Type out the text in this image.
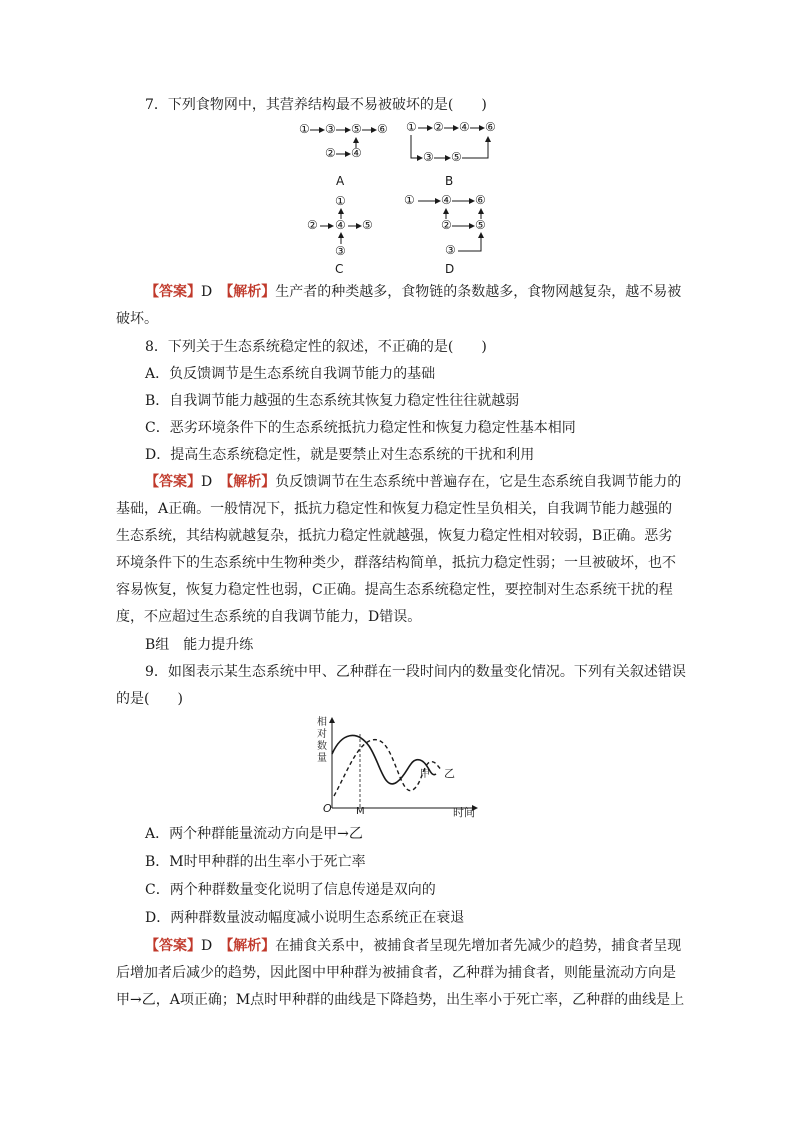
7．下列食物网中，其营养结构最不易被破坏的是(　　)
① ③ ⑤ ⑥
② ④
A
① ② ④ ⑥
③ ⑤
B
①
② ④ ⑤
③
C
① ④ ⑥
② ⑤
③
D
【答案】D　 【解析】生产者的种类越多，食物链的条数越多，食物网越复杂，越不易被
破坏。
8．下列关于生态系统稳定性的叙述，不正确的是(　　)
A．负反馈调节是生态系统自我调节能力的基础
B．自我调节能力越强的生态系统其恢复力稳定性往往就越弱
C．恶劣环境条件下的生态系统抵抗力稳定性和恢复力稳定性基本相同
D．提高生态系统稳定性，就是要禁止对生态系统的干扰和利用
【答案】D　 【解析】负反馈调节在生态系统中普遍存在，它是生态系统自我调节能力的
基础，A正确。一般情况下，抵抗力稳定性和恢复力稳定性呈负相关，自我调节能力越强的
生态系统，其结构就越复杂，抵抗力稳定性就越强，恢复力稳定性相对较弱，B正确。恶劣
环境条件下的生态系统中生物种类少，群落结构简单，抵抗力稳定性弱；一旦被破坏，也不
容易恢复，恢复力稳定性也弱，C正确。提高生态系统稳定性，要控制对生态系统干扰的程
度，不应超过生态系统的自我调节能力，D错误。
B组　能力提升练
9．如图表示某生态系统中甲、乙种群在一段时间内的数量变化情况。下列有关叙述错误
的是(　　)
相对数量
时间
O M
甲 乙
A．两个种群能量流动方向是甲→乙
B．M时甲种群的出生率小于死亡率
C．两个种群数量变化说明了信息传递是双向的
D．两种群数量波动幅度减小说明生态系统正在衰退
【答案】D　 【解析】在捕食关系中，被捕食者呈现先增加者先减少的趋势，捕食者呈现
后增加者后减少的趋势，因此图中甲种群为被捕食者，乙种群为捕食者，则能量流动方向是
甲→乙，A项正确；M点时甲种群的曲线是下降趋势，出生率小于死亡率，乙种群的曲线是上
